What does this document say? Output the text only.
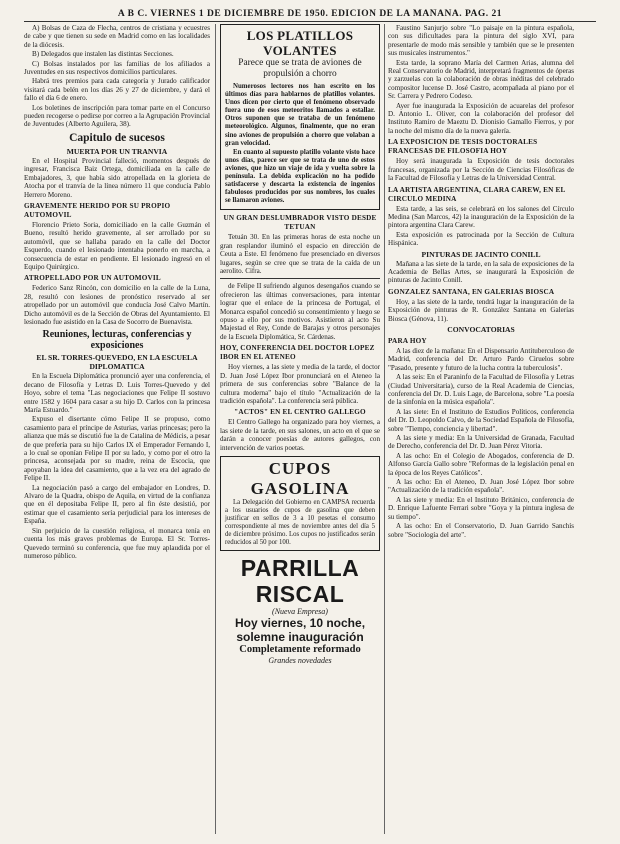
A B C. VIERNES 1 DE DICIEMBRE DE 1950. EDICION DE LA MAÑANA. PAG. 21
A) Bolsas de Caza de Flecha, centros de cristiana y ecuestres de cabe y que tienen su sede en Madrid como en las localidades de la diócesis.
B) Delegados que instalen las distintas Secciones.
C) Bolsas instalados por las familias de los afiliados a Juventudes en sus respectivos domicilios particulares.
Habrá tres premios para cada categoría y Jurado calificador visitará cada belén en los días 26 y 27 de diciembre, y dará el fallo el día 6 de enero.
Los boletines de inscripción para tomar parte en el Concurso pueden recogerse o pedirse por correo a la Agrupación Provincial de Juventudes (Alberto Aguilera, 38).
Capitulo de sucesos
MUERTA POR UN TRANVIA
En el Hospital Provincial falleció, momentos después de ingresar, Francisca Baiz Ortega, domiciliada en la calle de Embajadores, 3, que había sido atropellada en la glorieta de Atocha por el tranvía de la línea número 11 que conducía Pablo Herrero Moreno.
GRAVEMENTE HERIDO POR SU PROPIO AUTOMOVIL
Florencio Prieto Soria, domiciliado en la calle Guzmán el Bueno, resultó herido gravemente, al ser arrollado por su automóvil, que se hallaba parado en la calle del Doctor Esquerdo, cuando el lesionado intentaba ponerlo en marcha, a consecuencia de estar en pendiente. El lesionado ingresó en el Equipo Quirúrgico.
ATROPELLADO POR UN AUTOMOVIL
Federico Sanz Rincón, con domicilio en la calle de la Luna, 28, resultó con lesiones de pronóstico reservado al ser atropellado por un automóvil que conducía José Calvo Martín. Dicho automóvil es de la Sección de Obras del Ayuntamiento. El lesionado fue asistido en la Casa de Socorro de Buenavista.
Reuniones, lecturas, conferencias y exposiciones
EL SR. TORRES-QUEVEDO, EN LA ESCUELA DIPLOMATICA
En la Escuela Diplomática pronunció ayer una conferencia, el decano de Filosofía y Letras D. Luis Torres-Quevedo y del Hoyo, sobre el tema "Las negociaciones que Felipe II sostuvo entre 1582 y 1604 para casar a su hijo D. Carlos con la princesa María Estuardo."
Expuso el disertante cómo Felipe II se propuso, como casamiento para el príncipe de Asturias, varias princesas; pero la alianza que más se discutió fue la de Catalina de Médicis, a pesar de que prefería para su hijo Carlos IX el Emperador Fernando I, a lo cual se oponían Felipe II por su lado, y como por el otro la princesa, aconsejada por su madre, reina de Escocia, que apoyaban la idea del casamiento, que a la vez era del agrado de Felipe II.
La negociación pasó a cargo del embajador en Londres, D. Alvaro de la Quadra, obispo de Aquila, en virtud de la confianza que en él depositaba Felipe II, pero al fin éste desistió, por estimar que el casamiento sería perjudicial para los intereses de España.
Sin perjuicio de la cuestión religiosa, el monarca tenía en cuenta los más graves problemas de Europa. El Sr. Torres-Quevedo terminó su conferencia, que fue muy aplaudida por el numeroso público.
LOS PLATILLOS VOLANTES
Parece que se trata de aviones de propulsión a chorro
Numerosos lectores nos han escrito en los últimos días para hablarnos de platillos volantes. Unos dicen por cierto que el fenómeno observado fuera uno de esos meteoritos llamados a estallar. Otros suponen que se trataba de un fenómeno meteorológico. Algunos, finalmente, que no eran sino aviones de propulsión a chorro que volaban a gran velocidad.
En cuanto al supuesto platillo volante visto hace unos días, parece ser que se trata de uno de estos aviones, que hizo un viaje de ida y vuelta sobre la península. La debida explicación no ha podido satisfacerse y descarta la existencia de ingenios fabulosos producidos por sus nombres, los cuales se llamaron aviones.
UN GRAN DESLUMBRADOR VISTO DESDE TETUAN
Tetuán 30. En las primeras horas de esta noche un gran resplandor iluminó el espacio en dirección de Ceuta a Este. El fenómeno fue presenciado en diversos lugares, según se cree que se trata de la caída de un aerolito. Cifra.
de Felipe II sufriendo algunos desengaños cuando se ofrecieron las últimas conversaciones, para intentar lograr que el enlace de la princesa de Portugal, el Monarca español concedió su consentimiento y luego se opuso a ello por sus motivos. Asistieron al acto Su Majestad el Rey, Conde de Barajas y otros personajes de la Escuela Diplomática, Sr. Cárdenas.
HOY, CONFERENCIA DEL DOCTOR LOPEZ IBOR EN EL ATENEO
Hoy viernes, a las siete y media de la tarde, el doctor D. Juan José López Ibor pronunciará en el Ateneo la primera de sus conferencias sobre "Balance de la cultura moderna" bajo el título "Actualización de la tradición española". La conferencia será pública.
"ACTOS" EN EL CENTRO GALLEGO
El Centro Gallego ha organizado para hoy viernes, a las siete de la tarde, en sus salones, un acto en el que se darán a conocer poesías de autores gallegos, con intervención de varios poetas.
CUPOS GASOLINA
La Delegación del Gobierno en CAMPSA recuerda a los usuarios de cupos de gasolina que deben justificar en sellos de 3 a 10 pesetas el consumo correspondiente al mes de noviembre antes del día 5 de diciembre próximo. Los cupos no justificados serán reducidos al 50 por 100.
PARRILLA RISCAL
(Nueva Empresa)
Hoy viernes, 10 noche,
solemne inauguración
Completamente reformado
Grandes novedades
Faustino Sanjurjo sobre "Lo paisaje en la pintura española, con sus dificultades para la pintura del siglo XVI, para presentarle de modo más sensible y también que se le presenten sus musicales instrumentos."
Esta tarde, la soprano María del Carmen Arias, alumna del Real Conservatorio de Madrid, interpretará fragmentos de óperas y zarzuelas con la colaboración de obras inéditas del celebrado compositor lucense D. José Castro, acompañada al piano por el Sr. Carrera y Pedrero Codeso.
Ayer fue inaugurada la Exposición de acuarelas del profesor D. Antonio L. Oliver, con la colaboración del profesor del Instituto Ramiro de Maeztu D. Dionisio Gamallo Fierros, y por la noche del mismo día de la nueva galería.
LA EXPOSICION DE TESIS DOCTORALES FRANCESAS DE FILOSOFIA HOY
Hoy será inaugurada la Exposición de tesis doctorales francesas, organizada por la Sección de Ciencias Filosóficas de la Facultad de Filosofía y Letras de la Universidad Central.
LA ARTISTA ARGENTINA, CLARA CAREW, EN EL CIRCULO MEDINA
Esta tarde, a las seis, se celebrará en los salones del Círculo Medina (San Marcos, 42) la inauguración de la Exposición de la pintora argentina Clara Carew.
Esta exposición es patrocinada por la Sección de Cultura Hispánica.
PINTURAS DE JACINTO CONILL
Mañana a las siete de la tarde, en la sala de exposiciones de la Academia de Bellas Artes, se inaugurará la Exposición de pinturas de Jacinto Conill.
GONZALEZ SANTANA, EN GALERIAS BIOSCA
Hoy, a las siete de la tarde, tendrá lugar la inauguración de la Exposición de pinturas de R. González Santana en Galerías Biosca (Génova, 11).
CONVOCATORIAS
PARA HOY
A las diez de la mañana: En el Dispensario Antituberculoso de Madrid, conferencia del Dr. Arturo Pardo Ciruelos sobre "Pasado, presente y futuro de la lucha contra la tuberculosis".
A las seis: En el Paraninfo de la Facultad de Filosofía y Letras (Ciudad Universitaria), curso de la Real Academia de Ciencias, conferencia del Dr. D. Luis Lage, de Barcelona, sobre "La poesía de la sinfonía en la música española".
A las siete: En el Instituto de Estudios Políticos, conferencia del Dr. D. Leopoldo Calvo, de la Sociedad Española de Filosofía, sobre "Tiempo, conciencia y libertad".
A las siete y media: En la Universidad de Granada, Facultad de Derecho, conferencia del Dr. D. Juan Pérez Vitoria.
A las ocho: En el Colegio de Abogados, conferencia de D. Alfonso García Gallo sobre "Reformas de la legislación penal en la época de los Reyes Católicos".
A las ocho: En el Ateneo, D. Juan José López Ibor sobre "Actualización de la tradición española".
A las siete y media: En el Instituto Británico, conferencia de D. Enrique Lafuente Ferrari sobre "Goya y la pintura inglesa de su tiempo".
A las ocho: En el Conservatorio, D. Juan Garrido Sanchís sobre "Sociología del arte".
